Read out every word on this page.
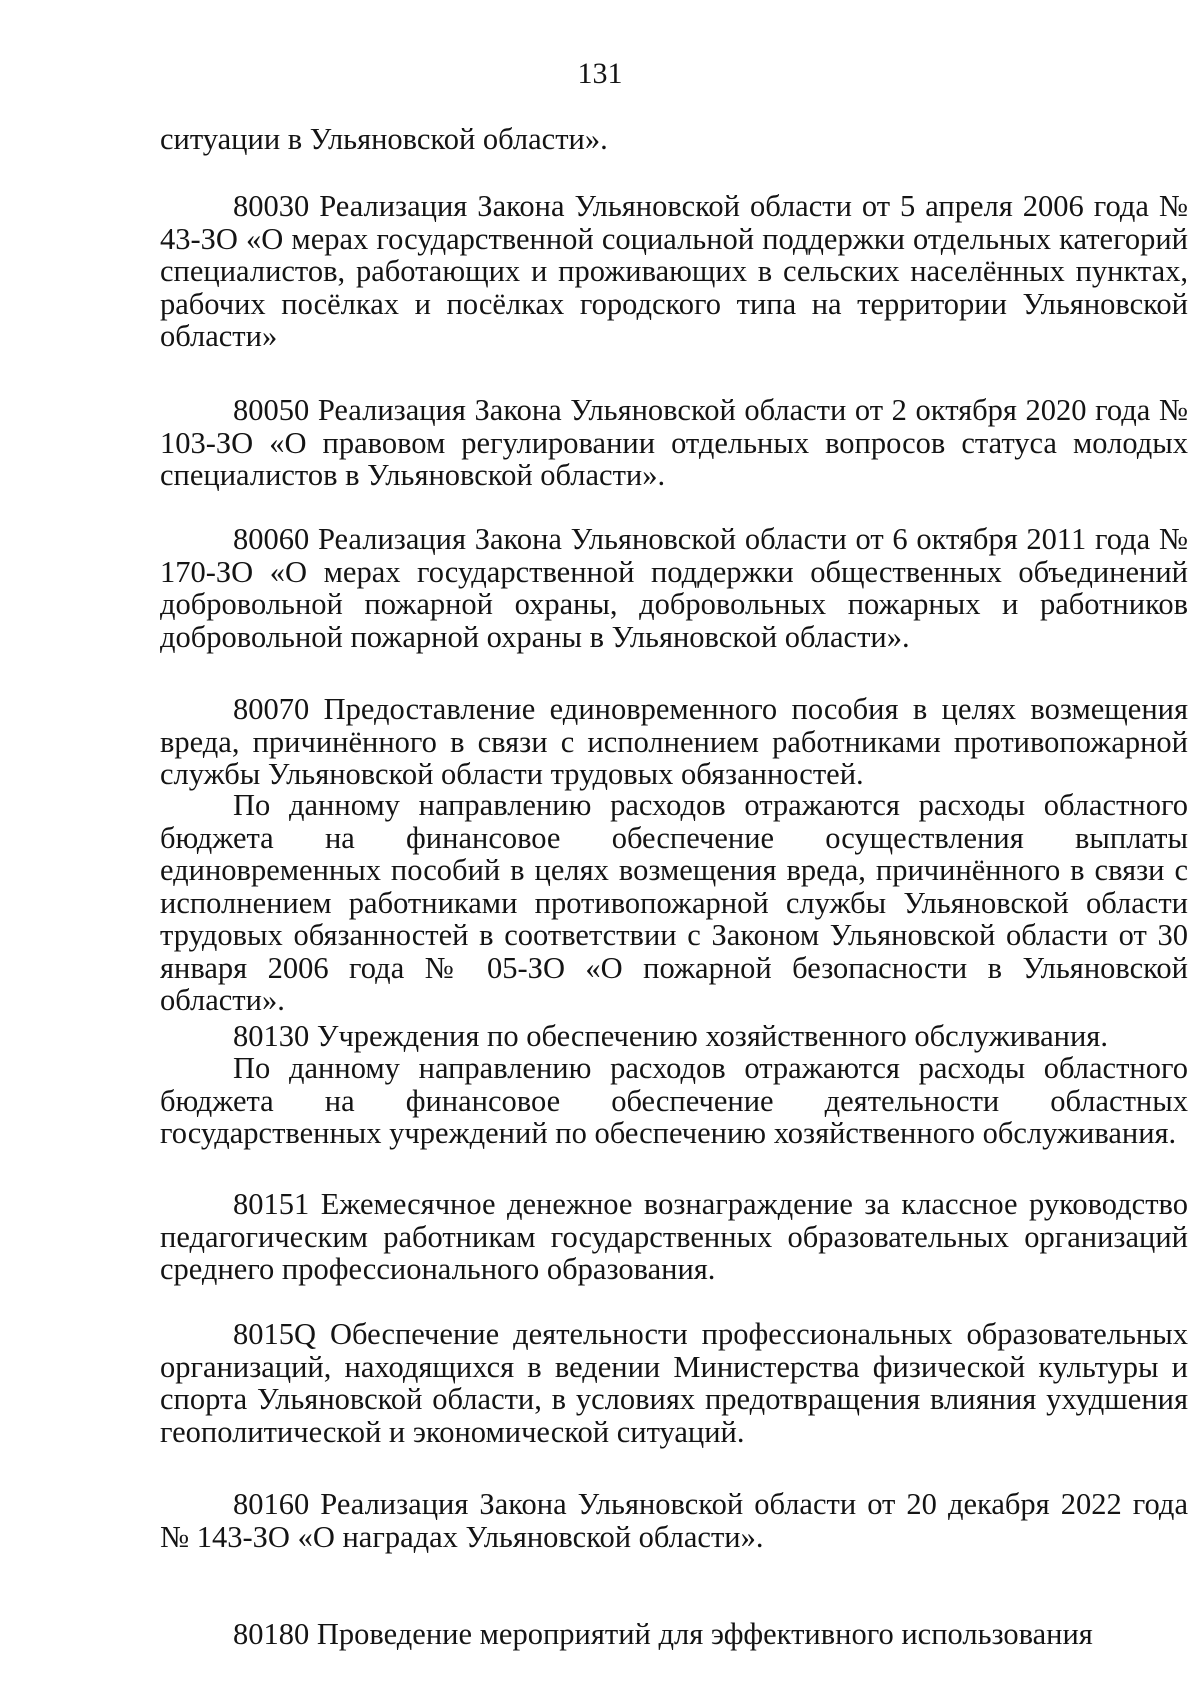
131

ситуации в Ульяновской области».

80030 Реализация Закона Ульяновской области от 5 апреля 2006 года № 43-ЗО «О мерах государственной социальной поддержки отдельных категорий специалистов, работающих и проживающих в сельских населённых пунктах, рабочих посёлках и посёлках городского типа на территории Ульяновской области»

80050 Реализация Закона Ульяновской области от 2 октября 2020 года № 103-ЗО «О правовом регулировании отдельных вопросов статуса молодых специалистов в Ульяновской области».

80060 Реализация Закона Ульяновской области от 6 октября 2011 года № 170-ЗО «О мерах государственной поддержки общественных объединений добровольной пожарной охраны, добровольных пожарных и работников добровольной пожарной охраны в Ульяновской области».

80070 Предоставление единовременного пособия в целях возмещения вреда, причинённого в связи с исполнением работниками противопожарной службы Ульяновской области трудовых обязанностей.

По данному направлению расходов отражаются расходы областного бюджета на финансовое обеспечение осуществления выплаты единовременных пособий в целях возмещения вреда, причинённого в связи с исполнением работниками противопожарной службы Ульяновской области трудовых обязанностей в соответствии с Законом Ульяновской области от 30 января 2006 года № 05-ЗО «О пожарной безопасности в Ульяновской области».

80130 Учреждения по обеспечению хозяйственного обслуживания.

По данному направлению расходов отражаются расходы областного бюджета на финансовое обеспечение деятельности областных государственных учреждений по обеспечению хозяйственного обслуживания.

80151 Ежемесячное денежное вознаграждение за классное руководство педагогическим работникам государственных образовательных организаций среднего профессионального образования.

8015Q Обеспечение деятельности профессиональных образовательных организаций, находящихся в ведении Министерства физической культуры и спорта Ульяновской области, в условиях предотвращения влияния ухудшения геополитической и экономической ситуаций.

80160 Реализация Закона Ульяновской области от 20 декабря 2022 года № 143-ЗО «О наградах Ульяновской области».

80180 Проведение мероприятий для эффективного использования
